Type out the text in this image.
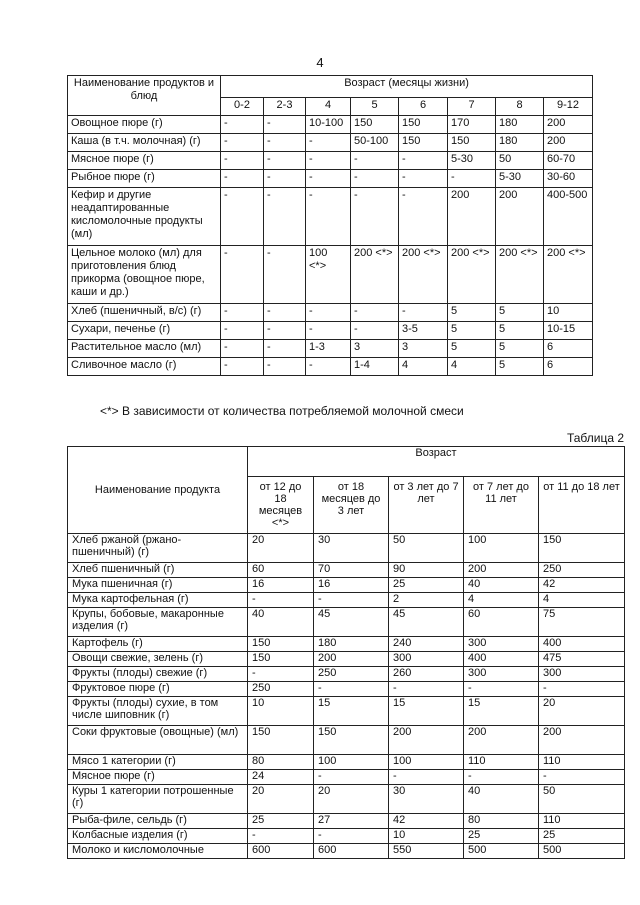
4
Наименование продуктов и блюд	Возраст (месяцы жизни)							
	0-2	2-3	4	5	6	7	8	9-12
Овощное пюре (г)	-	-	10-100	150	150	170	180	200
Каша (в т.ч. молочная) (г)	-	-	-	50-100	150	150	180	200
Мясное пюре (г)	-	-	-	-	-	5-30	50	60-70
Рыбное пюре (г)	-	-	-	-	-	-	5-30	30-60
Кефир и другие неадаптированные кисломолочные продукты (мл)	-	-	-	-	-	200	200	400-500
Цельное молоко (мл) для приготовления блюд прикорма (овощное пюре, каши и др.)	-	-	100 <*>	200 <*>	200 <*>	200 <*>	200 <*>	200 <*>
Хлеб (пшеничный, в/с) (г)	-	-	-	-	-	5	5	10
Сухари, печенье (г)	-	-	-	-	3-5	5	5	10-15
Растительное масло (мл)	-	-	1-3	3	3	5	5	6
Сливочное масло (г)	-	-	-	1-4	4	4	5	6
<*> В зависимости от количества потребляемой молочной смеси
Таблица 2
Наименование продукта	Возраст				
	от 12 до 18 месяцев <*>	от 18 месяцев до 3 лет	от 3 лет до 7 лет	от 7 лет до 11 лет	от 11 до 18 лет
Хлеб ржаной (ржано-пшеничный) (г)	20	30	50	100	150
Хлеб пшеничный (г)	60	70	90	200	250
Мука пшеничная (г)	16	16	25	40	42
Мука картофельная (г)	-	-	2	4	4
Крупы, бобовые, макаронные изделия (г)	40	45	45	60	75
Картофель (г)	150	180	240	300	400
Овощи свежие, зелень (г)	150	200	300	400	475
Фрукты (плоды) свежие (г)	-	250	260	300	300
Фруктовое пюре (г)	250	-	-	-	-
Фрукты (плоды) сухие, в том числе шиповник (г)	10	15	15	15	20
Соки фруктовые (овощные) (мл)	150	150	200	200	200
Мясо 1 категории (г)	80	100	100	110	110
Мясное пюре (г)	24	-	-	-	-
Куры 1 категории потрошенные (г)	20	20	30	40	50
Рыба-филе, сельдь (г)	25	27	42	80	110
Колбасные изделия (г)	-	-	10	25	25
Молоко и кисломолочные	600	600	550	500	500
